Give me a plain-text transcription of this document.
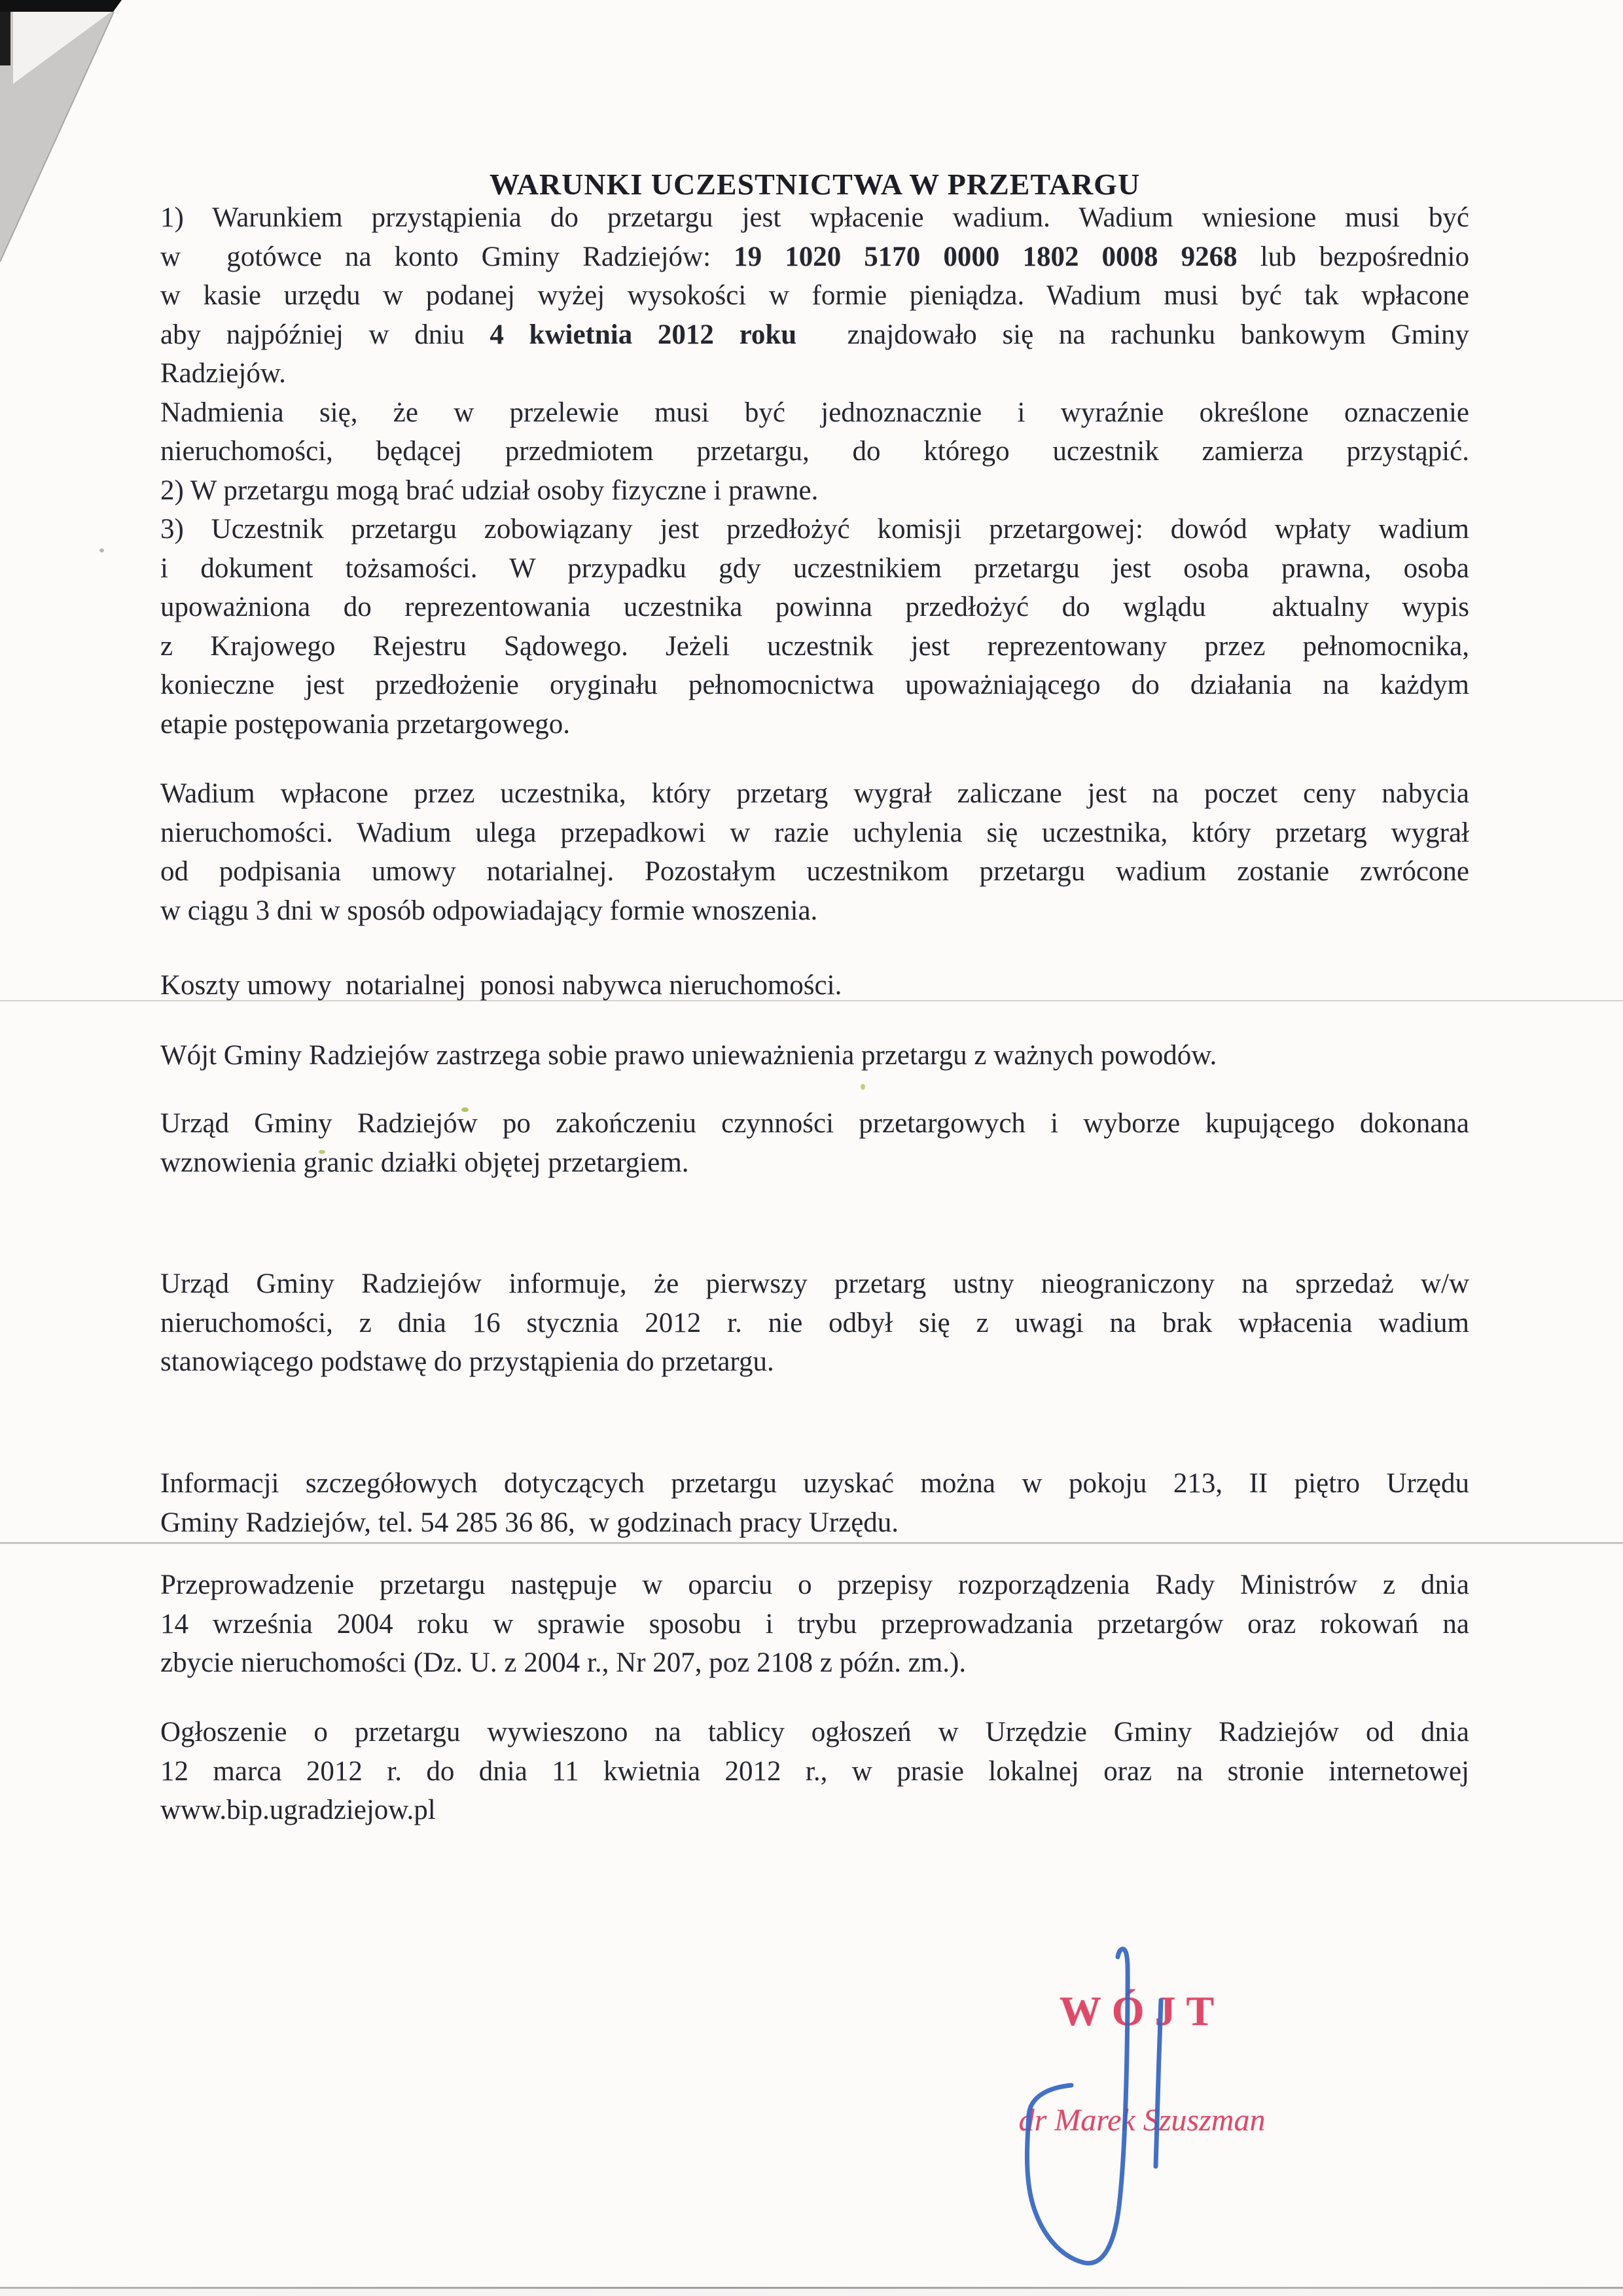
WARUNKI UCZESTNICTWA W PRZETARGU
1) Warunkiem przystąpienia do przetargu jest wpłacenie wadium. Wadium wniesione musi być
w  gotówce na konto Gminy Radziejów: 19 1020 5170 0000 1802 0008 9268 lub bezpośrednio
w kasie urzędu w podanej wyżej wysokości w formie pieniądza. Wadium musi być tak wpłacone
aby najpóźniej w dniu 4 kwietnia 2012 roku  znajdowało się na rachunku bankowym Gminy
Radziejów.
Nadmienia się, że w przelewie musi być jednoznacznie i wyraźnie określone oznaczenie
nieruchomości, będącej przedmiotem przetargu, do którego uczestnik zamierza przystąpić.
2) W przetargu mogą brać udział osoby fizyczne i prawne.
3) Uczestnik przetargu zobowiązany jest przedłożyć komisji przetargowej: dowód wpłaty wadium
i dokument tożsamości. W przypadku gdy uczestnikiem przetargu jest osoba prawna, osoba
upoważniona do reprezentowania uczestnika powinna przedłożyć do wglądu  aktualny wypis
z Krajowego Rejestru Sądowego. Jeżeli uczestnik jest reprezentowany przez pełnomocnika,
konieczne jest przedłożenie oryginału pełnomocnictwa upoważniającego do działania na każdym
etapie postępowania przetargowego.
Wadium wpłacone przez uczestnika, który przetarg wygrał zaliczane jest na poczet ceny nabycia
nieruchomości. Wadium ulega przepadkowi w razie uchylenia się uczestnika, który przetarg wygrał
od podpisania umowy notarialnej. Pozostałym uczestnikom przetargu wadium zostanie zwrócone
w ciągu 3 dni w sposób odpowiadający formie wnoszenia.
Koszty umowy  notarialnej  ponosi nabywca nieruchomości.
Wójt Gminy Radziejów zastrzega sobie prawo unieważnienia przetargu z ważnych powodów.
Urząd Gminy Radziejów po zakończeniu czynności przetargowych i wyborze kupującego dokonana
wznowienia granic działki objętej przetargiem.
Urząd Gminy Radziejów informuje, że pierwszy przetarg ustny nieograniczony na sprzedaż w/w
nieruchomości, z dnia 16 stycznia 2012 r. nie odbył się z uwagi na brak wpłacenia wadium
stanowiącego podstawę do przystąpienia do przetargu.
Informacji szczegółowych dotyczących przetargu uzyskać można w pokoju 213, II piętro Urzędu
Gminy Radziejów, tel. 54 285 36 86,  w godzinach pracy Urzędu.
Przeprowadzenie przetargu następuje w oparciu o przepisy rozporządzenia Rady Ministrów z dnia
14 września 2004 roku w sprawie sposobu i trybu przeprowadzania przetargów oraz rokowań na
zbycie nieruchomości (Dz. U. z 2004 r., Nr 207, poz 2108 z późn. zm.).
Ogłoszenie o przetargu wywieszono na tablicy ogłoszeń w Urzędzie Gminy Radziejów od dnia
12 marca 2012 r. do dnia 11 kwietnia 2012 r., w prasie lokalnej oraz na stronie internetowej
www.bip.ugradziejow.pl
WÓJT
dr Marek Szuszman
